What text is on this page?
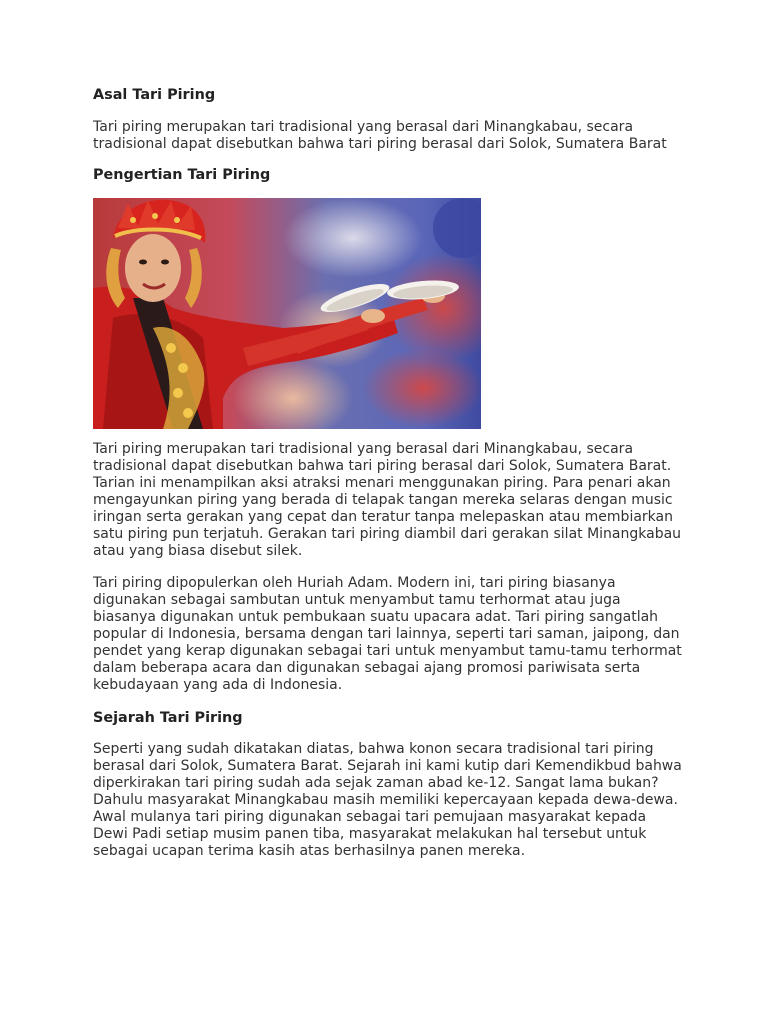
Asal Tari Piring

Tari piring merupakan tari tradisional yang berasal dari Minangkabau, secara tradisional dapat disebutkan bahwa tari piring berasal dari Solok, Sumatera Barat

Pengertian Tari Piring

Tari piring merupakan tari tradisional yang berasal dari Minangkabau, secara tradisional dapat disebutkan bahwa tari piring berasal dari Solok, Sumatera Barat. Tarian ini menampilkan aksi atraksi menari menggunakan piring. Para penari akan mengayunkan piring yang berada di telapak tangan mereka selaras dengan music iringan serta gerakan yang cepat dan teratur tanpa melepaskan atau membiarkan satu piring pun terjatuh. Gerakan tari piring diambil dari gerakan silat Minangkabau atau yang biasa disebut silek.

Tari piring dipopulerkan oleh Huriah Adam. Modern ini, tari piring biasanya digunakan sebagai sambutan untuk menyambut tamu terhormat atau juga biasanya digunakan untuk pembukaan suatu upacara adat. Tari piring sangatlah popular di Indonesia, bersama dengan tari lainnya, seperti tari saman, jaipong, dan pendet yang kerap digunakan sebagai tari untuk menyambut tamu-tamu terhormat dalam beberapa acara dan digunakan sebagai ajang promosi pariwisata serta kebudayaan yang ada di Indonesia.

Sejarah Tari Piring

Seperti yang sudah dikatakan diatas, bahwa konon secara tradisional tari piring berasal dari Solok, Sumatera Barat. Sejarah ini kami kutip dari Kemendikbud bahwa diperkirakan tari piring sudah ada sejak zaman abad ke-12. Sangat lama bukan? Dahulu masyarakat Minangkabau masih memiliki kepercayaan kepada dewa-dewa. Awal mulanya tari piring digunakan sebagai tari pemujaan masyarakat kepada Dewi Padi setiap musim panen tiba, masyarakat melakukan hal tersebut untuk sebagai ucapan terima kasih atas berhasilnya panen mereka.
